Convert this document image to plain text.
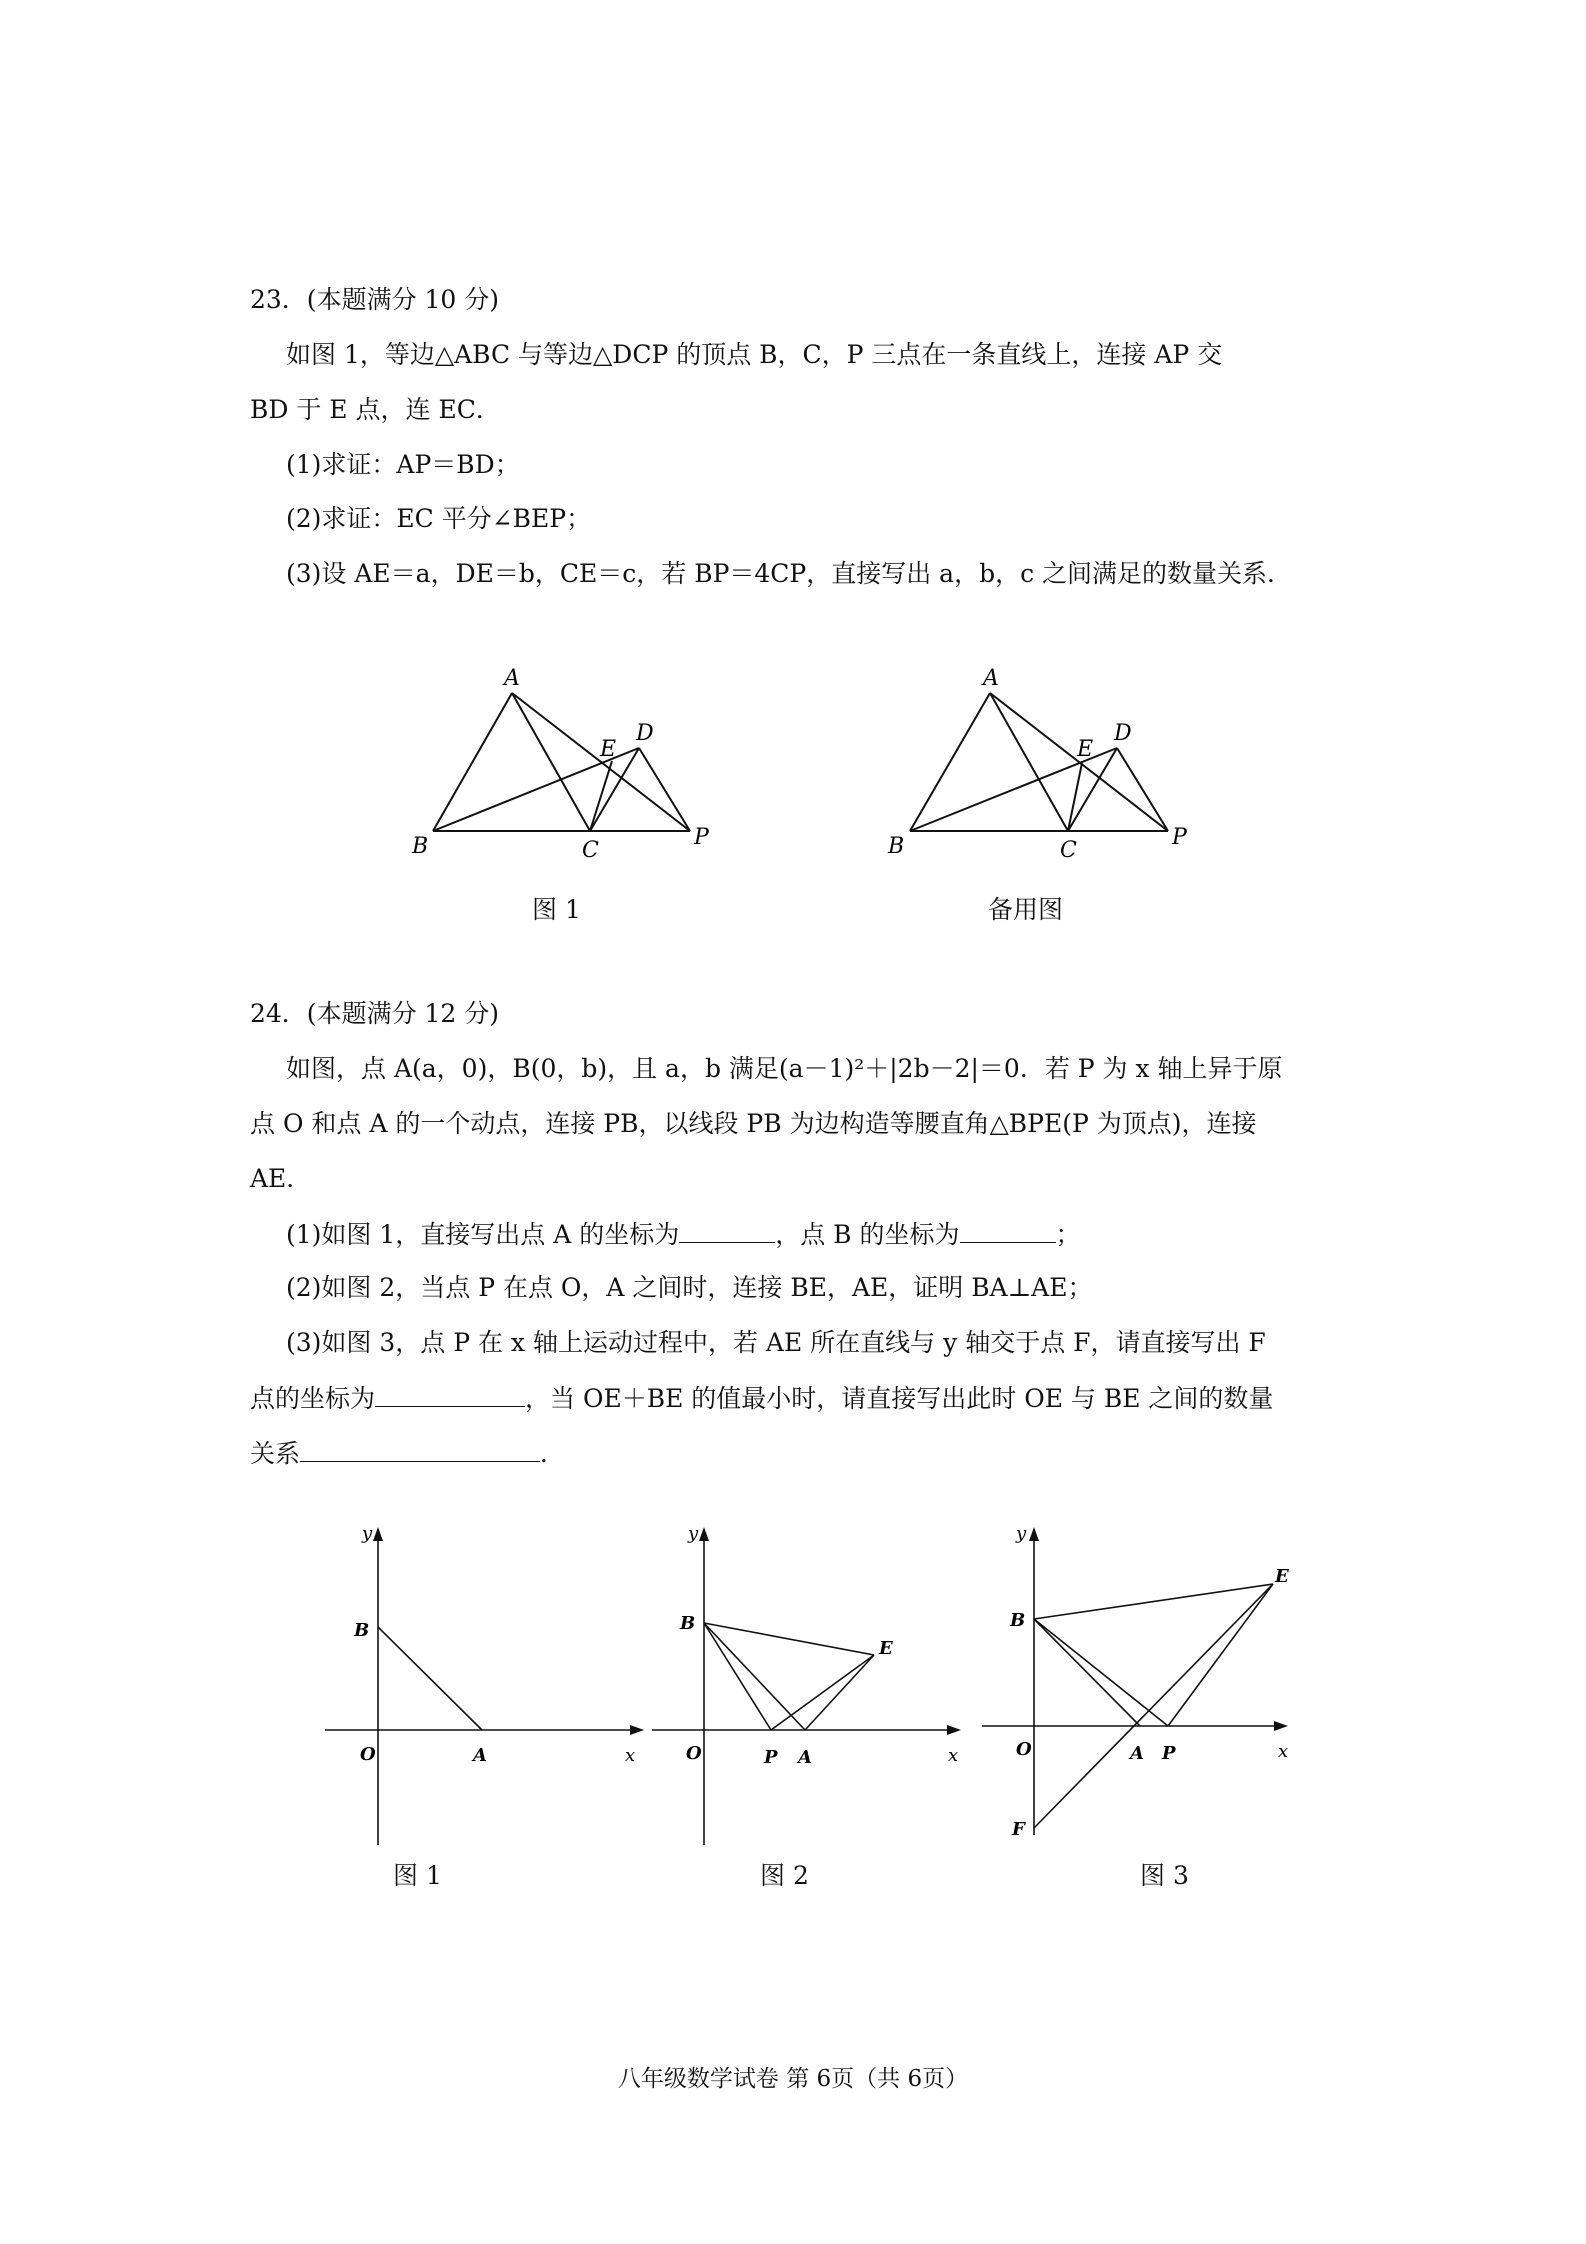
23．(本题满分 10 分)
如图 1，等边△ABC 与等边△DCP 的顶点 B，C，P 三点在一条直线上，连接 AP 交
BD 于 E 点，连 EC．
(1)求证：AP＝BD；
(2)求证：EC 平分∠BEP；
(3)设 AE＝a，DE＝b，CE＝c，若 BP＝4CP，直接写出 a，b，c 之间满足的数量关系．
A
B	C
D
E
P
图 1
A
B	C
D
E
P
备用图
24．(本题满分 12 分)
如图，点 A(a，0)，B(0，b)，且 a，b 满足(a－1)²＋|2b－2|＝0．若 P 为 x 轴上异于原
点 O 和点 A 的一个动点，连接 PB，以线段 PB 为边构造等腰直角△BPE(P 为顶点)，连接
AE．
(1)如图 1，直接写出点 A 的坐标为	，点 B 的坐标为	；
(2)如图 2，当点 P 在点 O，A 之间时，连接 BE，AE，证明 BA⊥AE；
(3)如图 3，点 P 在 x 轴上运动过程中，若 AE 所在直线与 y 轴交于点 F，请直接写出 F
点的坐标为	，当 OE＋BE 的值最小时，请直接写出此时 OE 与 BE 之间的数量
关系	．
y
x
O	A
B
图 1
y
x
O	P A
B
E
图 2
y
x
O	A P
B
E
F
图 3
八年级数学试卷 第 6页（共 6页）
